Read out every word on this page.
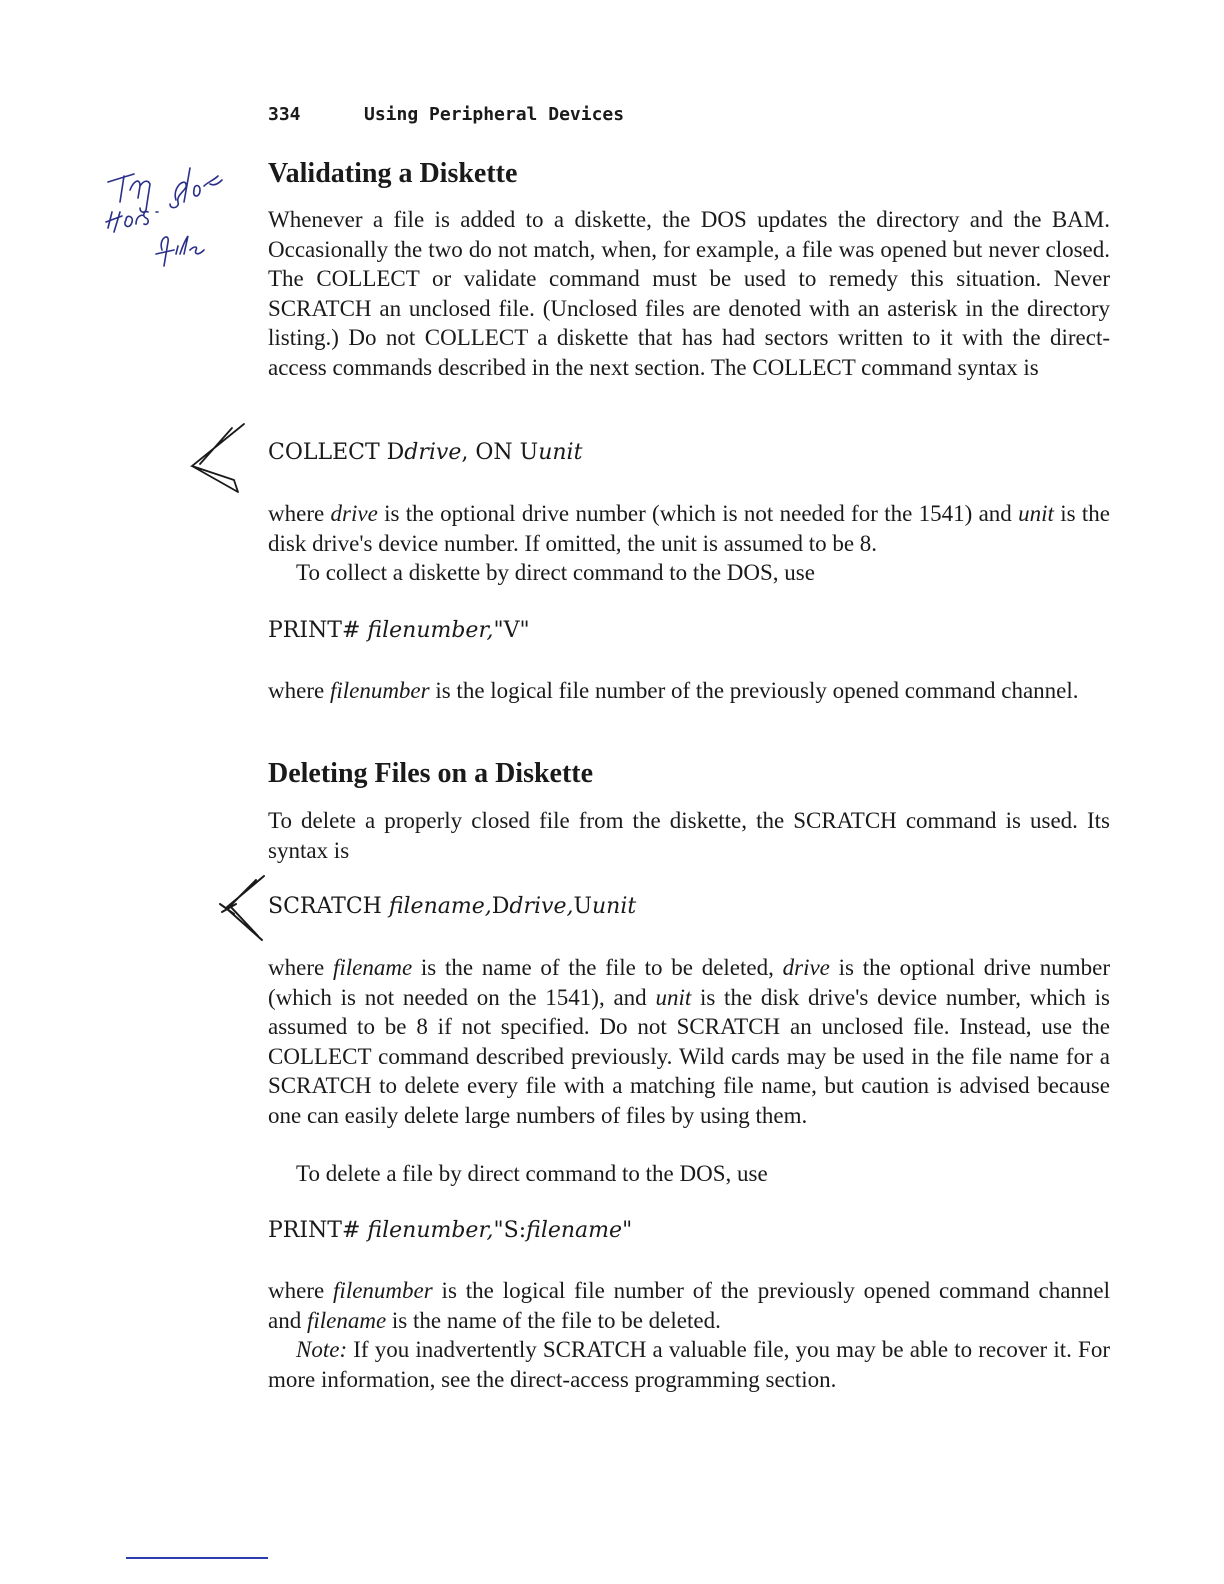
334	Using Peripheral Devices
Validating a Diskette

Whenever a file is added to a diskette, the DOS updates the directory and the BAM. Occasionally the two do not match, when, for example, a file was opened but never closed. The COLLECT or validate command must be used to remedy this situation. Never SCRATCH an unclosed file. (Unclosed files are denoted with an asterisk in the directory listing.) Do not COLLECT a diskette that has had sectors written to it with the direct-access commands described in the next section. The COLLECT command syntax is

COLLECT Ddrive, ON Uunit

where drive is the optional drive number (which is not needed for the 1541) and unit is the disk drive's device number. If omitted, the unit is assumed to be 8.

To collect a diskette by direct command to the DOS, use

PRINT# filenumber,"V"

where filenumber is the logical file number of the previously opened command channel.

Deleting Files on a Diskette

To delete a properly closed file from the diskette, the SCRATCH command is used. Its syntax is

SCRATCH filename,Ddrive,Uunit

where filename is the name of the file to be deleted, drive is the optional drive number (which is not needed on the 1541), and unit is the disk drive's device number, which is assumed to be 8 if not specified. Do not SCRATCH an unclosed file. Instead, use the COLLECT command described previously. Wild cards may be used in the file name for a SCRATCH to delete every file with a matching file name, but caution is advised because one can easily delete large numbers of files by using them.

To delete a file by direct command to the DOS, use

PRINT# filenumber,"S:filename"

where filenumber is the logical file number of the previously opened command channel and filename is the name of the file to be deleted.

Note: If you inadvertently SCRATCH a valuable file, you may be able to recover it. For more information, see the direct-access programming section.
